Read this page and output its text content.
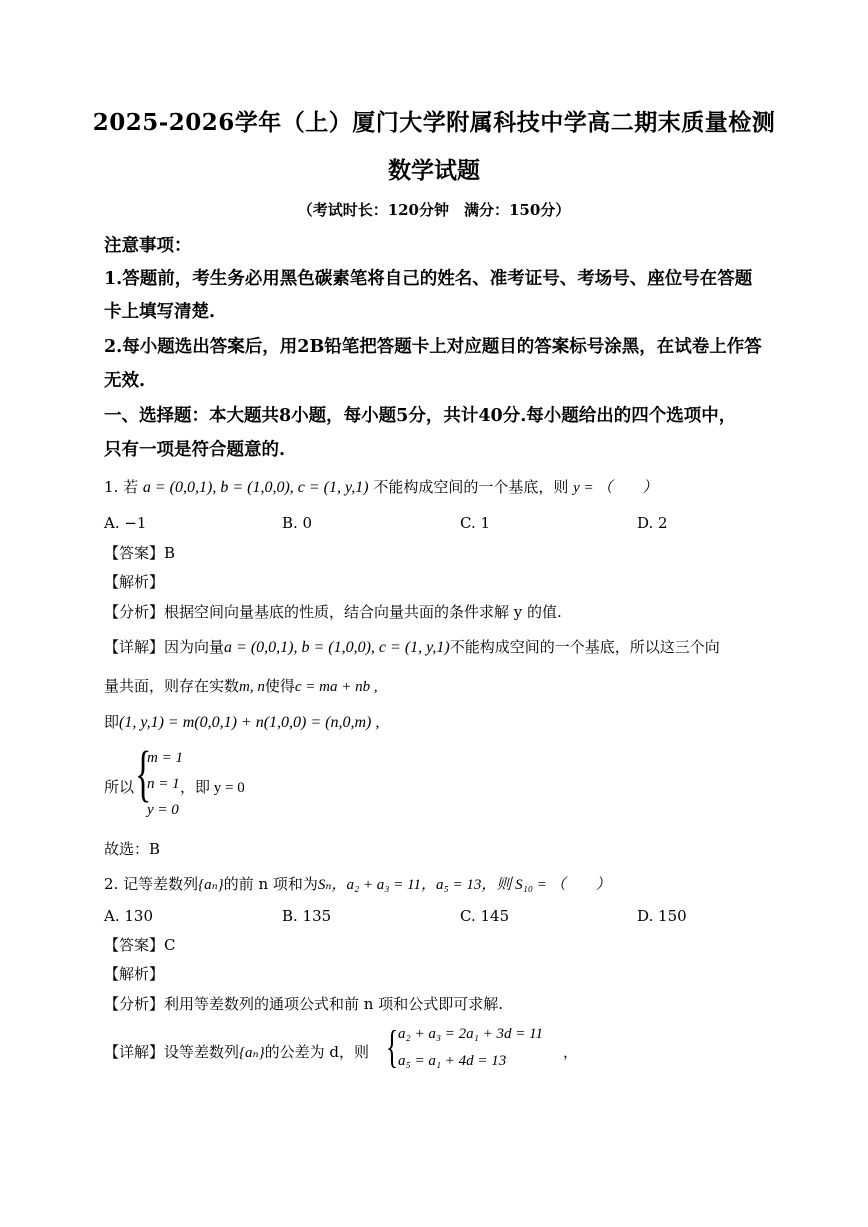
2025-2026学年（上）厦门大学附属科技中学高二期末质量检测
数学试题
（考试时长：120分钟　满分：150分）
注意事项：
1.答题前，考生务必用黑色碳素笔将自己的姓名、准考证号、考场号、座位号在答题
卡上填写清楚.
2.每小题选出答案后，用2B铅笔把答题卡上对应题目的答案标号涂黑，在试卷上作答
无效.
一、选择题：本大题共8小题，每小题5分，共计40分.每小题给出的四个选项中，
只有一项是符合题意的.
1. 若 a = (0,0,1), b = (1,0,0), c = (1, y,1) 不能构成空间的一个基底，则 y = （　　）
A. −1	B. 0	C. 1	D. 2
【答案】B
【解析】
【分析】根据空间向量基底的性质，结合向量共面的条件求解 y 的值.
【详解】因为向量a = (0,0,1), b = (1,0,0), c = (1, y,1)不能构成空间的一个基底，所以这三个向
量共面，则存在实数m, n使得c = ma + nb ,
即(1, y,1) = m(0,0,1) + n(1,0,0) = (n,0,m) ,
所以 {
m = 1
n = 1
y = 0
，即 y = 0
故选：B
2. 记等差数列{aₙ}的前 n 项和为Sₙ，a₂ + a₃ = 11，a₅ = 13，则 S₁₀ = （　　）
A. 130	B. 135	C. 145	D. 150
【答案】C
【解析】
【分析】利用等差数列的通项公式和前 n 项和公式即可求解.
【详解】设等差数列{aₙ}的公差为 d，则 { a₂ + a₃ = 2a₁ + 3d = 11
a₅ = a₁ + 4d = 13	，
